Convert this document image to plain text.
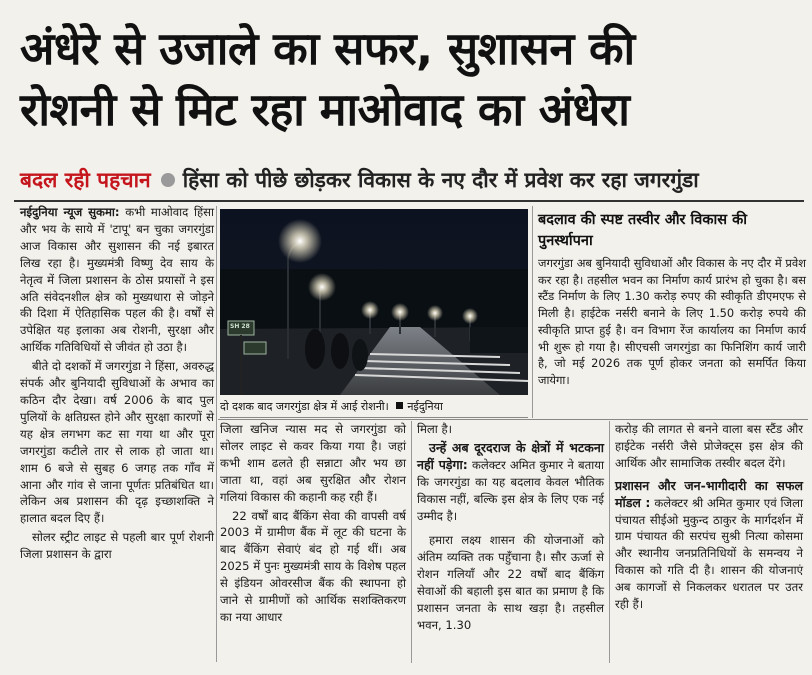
अंधेरे से उजाले का सफर, सुशासन की
रोशनी से मिट रहा माओवाद का अंधेरा
बदल रही पहचान हिंसा को पीछे छोड़कर विकास के नए दौर में प्रवेश कर रहा जगरगुंडा

नईदुनिया न्यूज सुकमा: कभी माओवाद हिंसा और भय के साये में 'टापू' बन चुका जगरगुंडा आज विकास और सुशासन की नई इबारत लिख रहा है। मुख्यमंत्री विष्णु देव साय के नेतृत्व में जिला प्रशासन के ठोस प्रयासों ने इस अति संवेदनशील क्षेत्र को मुख्यधारा से जोड़ने की दिशा में ऐतिहासिक पहल की है। वर्षों से उपेक्षित यह इलाका अब रोशनी, सुरक्षा और आर्थिक गतिविधियों से जीवंत हो उठा है।

बीते दो दशकों में जगरगुंडा ने हिंसा, अवरुद्ध संपर्क और बुनियादी सुविधाओं के अभाव का कठिन दौर देखा। वर्ष 2006 के बाद पुल पुलियों के क्षतिग्रस्त होने और सुरक्षा कारणों से यह क्षेत्र लगभग कट सा गया था और पूरा जगरगुंडा कटीले तार से लाक हो जाता था। शाम 6 बजे से सुबह 6 जगह तक गाँव में आना और गांव से जाना पूर्णतः प्रतिबंधित था। लेकिन अब प्रशासन की दृढ़ इच्छाशक्ति ने हालात बदल दिए हैं।

सोलर स्ट्रीट लाइट से पहली बार पूर्ण रोशनी जिला प्रशासन के द्वारा

SH 28
दो दशक बाद जगरगुंडा क्षेत्र में आई रोशनी। नईदुनिया
बदलाव की स्पष्ट तस्वीर और विकास की पुनर्स्थापना
जगरगुंडा अब बुनियादी सुविधाओं और विकास के नए दौर में प्रवेश कर रहा है। तहसील भवन का निर्माण कार्य प्रारंभ हो चुका है। बस स्टैंड निर्माण के लिए 1.30 करोड़ रुपए की स्वीकृति डीएमएफ से मिली है। हाईटेक नर्सरी बनाने के लिए 1.50 करोड़ रुपये की स्वीकृति प्राप्त हुई है। वन विभाग रेंज कार्यालय का निर्माण कार्य भी शुरू हो गया है। सीएचसी जगरगुंडा का फिनिशिंग कार्य जारी है, जो मई 2026 तक पूर्ण होकर जनता को समर्पित किया जायेगा।

जिला खनिज न्यास मद से जगरगुंडा को सोलर लाइट से कवर किया गया है। जहां कभी शाम ढलते ही सन्नाटा और भय छा जाता था, वहां अब सुरक्षित और रोशन गलियां विकास की कहानी कह रही हैं।

22 वर्षों बाद बैंकिंग सेवा की वापसी वर्ष 2003 में ग्रामीण बैंक में लूट की घटना के बाद बैंकिंग सेवाएं बंद हो गई थीं। अब 2025 में पुनः मुख्यमंत्री साय के विशेष पहल से इंडियन ओवरसीज बैंक की स्थापना हो जाने से ग्रामीणों को आर्थिक सशक्तिकरण का नया आधार

मिला है।

उन्हें अब दूरदराज के क्षेत्रों में भटकना नहीं पड़ेगा: कलेक्टर अमित कुमार ने बताया कि जगरगुंडा का यह बदलाव केवल भौतिक विकास नहीं, बल्कि इस क्षेत्र के लिए एक नई उम्मीद है।

हमारा लक्ष्य शासन की योजनाओं को अंतिम व्यक्ति तक पहुँचाना है। सौर ऊर्जा से रोशन गलियाँ और 22 वर्षों बाद बैंकिंग सेवाओं की बहाली इस बात का प्रमाण है कि प्रशासन जनता के साथ खड़ा है। तहसील भवन, 1.30

करोड़ की लागत से बनने वाला बस स्टैंड और हाईटेक नर्सरी जैसे प्रोजेक्ट्स इस क्षेत्र की आर्थिक और सामाजिक तस्वीर बदल देंगे।

प्रशासन और जन-भागीदारी का सफल मॉडल : कलेक्टर श्री अमित कुमार एवं जिला पंचायत सीईओ मुकुन्द ठाकुर के मार्गदर्शन में ग्राम पंचायत की सरपंच सुश्री नित्या कोसमा और स्थानीय जनप्रतिनिधियों के समन्वय ने विकास को गति दी है। शासन की योजनाएं अब कागजों से निकलकर धरातल पर उतर रही हैं।
